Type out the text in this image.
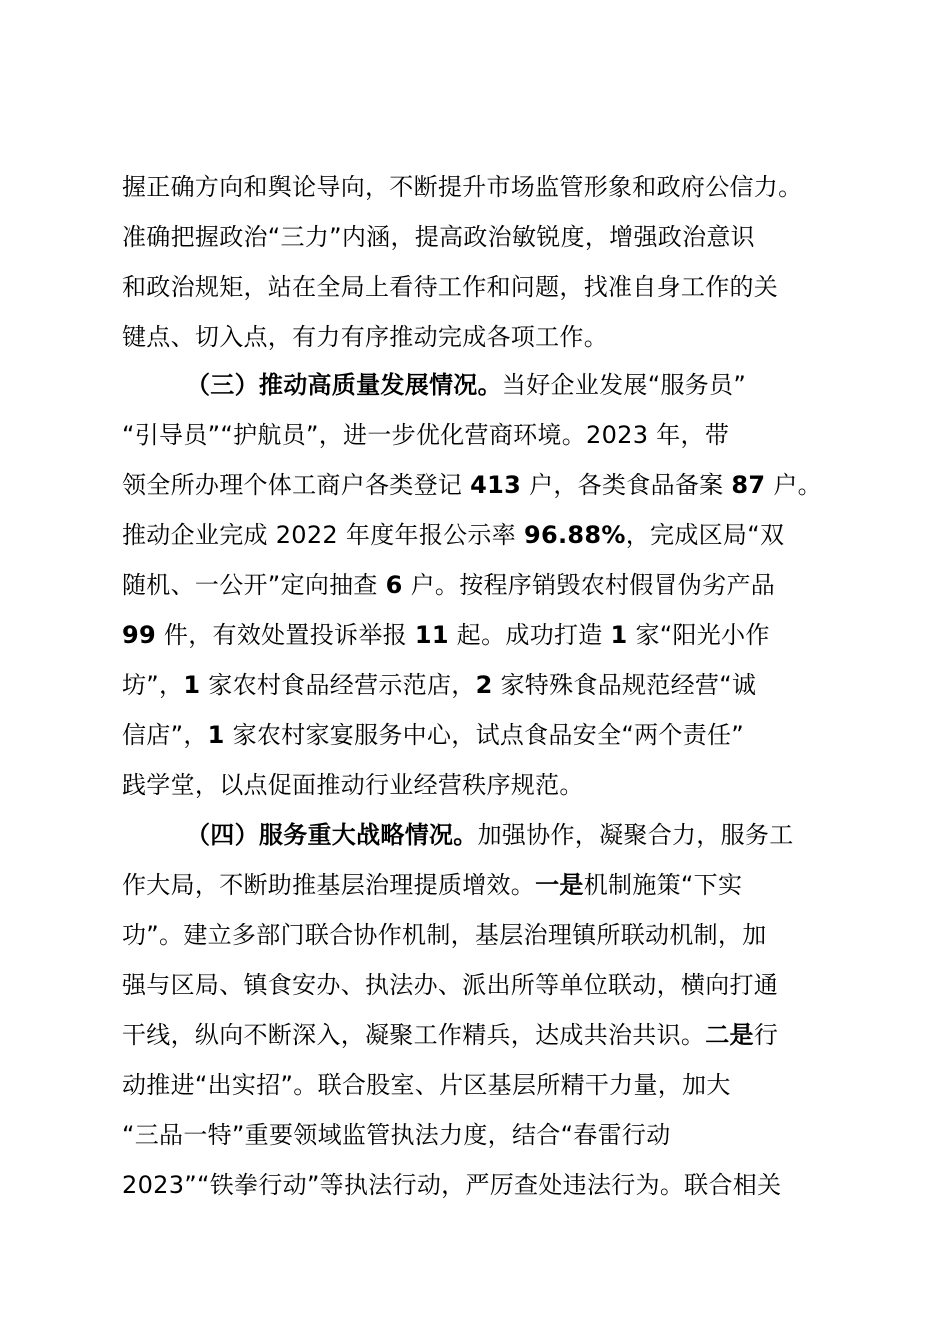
握正确方向和舆论导向，不断提升市场监管形象和政府公信力。
准确把握政治“三力”内涵，提高政治敏锐度，增强政治意识
和政治规矩，站在全局上看待工作和问题，找准自身工作的关
键点、切入点，有力有序推动完成各项工作。
（三）推动高质量发展情况。当好企业发展“服务员”
“引导员”“护航员”，进一步优化营商环境。2023 年，带
领全所办理个体工商户各类登记 413 户，各类食品备案 87 户。
推动企业完成 2022 年度年报公示率 96.88%，完成区局“双
随机、一公开”定向抽查 6 户。按程序销毁农村假冒伪劣产品
99 件，有效处置投诉举报 11 起。成功打造 1 家“阳光小作
坊”，1 家农村食品经营示范店，2 家特殊食品规范经营“诚
信店”，1 家农村家宴服务中心，试点食品安全“两个责任”
践学堂，以点促面推动行业经营秩序规范。
（四）服务重大战略情况。加强协作，凝聚合力，服务工
作大局，不断助推基层治理提质增效。一是机制施策“下实
功”。建立多部门联合协作机制，基层治理镇所联动机制，加
强与区局、镇食安办、执法办、派出所等单位联动，横向打通
干线，纵向不断深入，凝聚工作精兵，达成共治共识。二是行
动推进“出实招”。联合股室、片区基层所精干力量，加大
“三品一特”重要领域监管执法力度，结合“春雷行动
2023”“铁拳行动”等执法行动，严厉查处违法行为。联合相关
